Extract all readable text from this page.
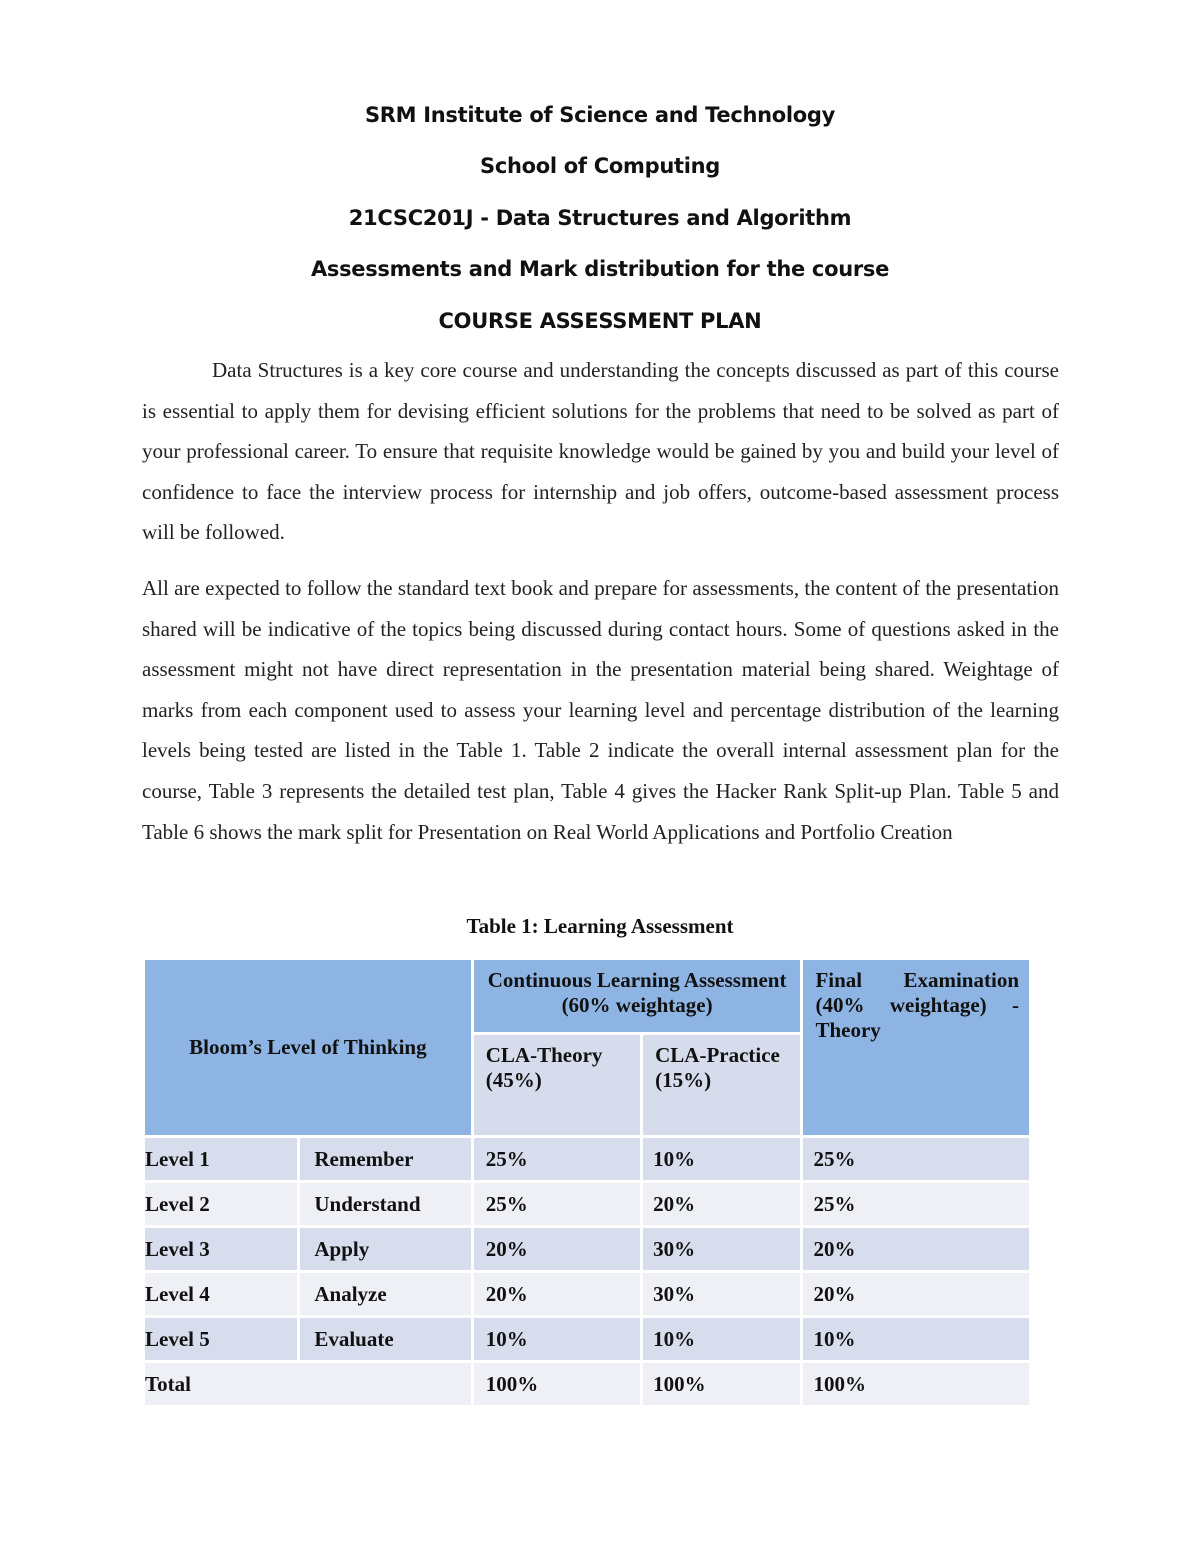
SRM Institute of Science and Technology
School of Computing
21CSC201J - Data Structures and Algorithm
Assessments and Mark distribution for the course
COURSE ASSESSMENT PLAN

Data Structures is a key core course and understanding the concepts discussed as part of this course is essential to apply them for devising efficient solutions for the problems that need to be solved as part of your professional career. To ensure that requisite knowledge would be gained by you and build your level of confidence to face the interview process for internship and job offers, outcome-based assessment process will be followed.

All are expected to follow the standard text book and prepare for assessments, the content of the presentation shared will be indicative of the topics being discussed during contact hours. Some of questions asked in the assessment might not have direct representation in the presentation material being shared. Weightage of marks from each component used to assess your learning level and percentage distribution of the learning levels being tested are listed in the Table 1. Table 2 indicate the overall internal assessment plan for the course, Table 3 represents the detailed test plan, Table 4 gives the Hacker Rank Split-up Plan. Table 5 and Table 6 shows the mark split for Presentation on Real World Applications and Portfolio Creation

Table 1: Learning Assessment
Bloom’s Level of Thinking		Continuous Learning Assessment (60% weightage)		Final Examination (40% weightage) - Theory
		CLA-Theory (45%)	CLA-Practice (15%)	
Level 1	Remember	25%	10%	25%
Level 2	Understand	25%	20%	25%
Level 3	Apply	20%	30%	20%
Level 4	Analyze	20%	30%	20%
Level 5	Evaluate	10%	10%	10%
Total		100%	100%	100%
